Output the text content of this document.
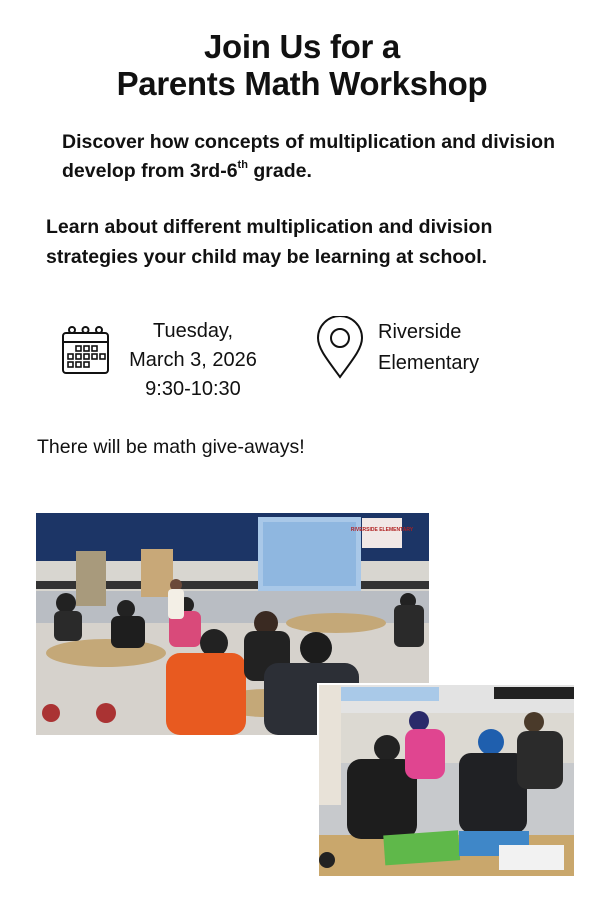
Join Us for a
Parents Math Workshop
Discover how concepts of multiplication and division develop from 3rd-6th grade.
Learn about different multiplication and division strategies your child may be learning at school.
Tuesday,
March 3, 2026
9:30-10:30
Riverside
Elementary
There will be math give-aways!
RIVERSIDE ELEMENTARY
